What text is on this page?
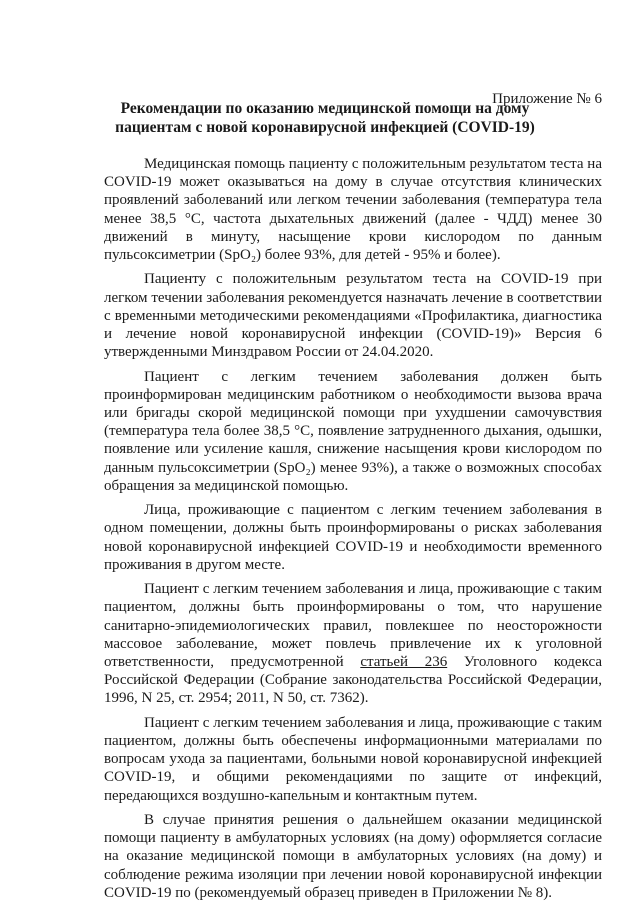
Приложение № 6
Рекомендации по оказанию медицинской помощи на дому пациентам с новой коронавирусной инфекцией (COVID-19)

Медицинская помощь пациенту с положительным результатом теста на COVID-19 может оказываться на дому в случае отсутствия клинических проявлений заболеваний или легком течении заболевания (температура тела менее 38,5 °С, частота дыхательных движений (далее - ЧДД) менее 30 движений в минуту, насыщение крови кислородом по данным пульсоксиметрии (SpO₂) более 93%, для детей - 95% и более).

Пациенту с положительным результатом теста на COVID-19 при легком течении заболевания рекомендуется назначать лечение в соответствии с временными методическими рекомендациями «Профилактика, диагностика и лечение новой коронавирусной инфекции (COVID-19)» Версия 6 утвержденными Минздравом России от 24.04.2020.

Пациент с легким течением заболевания должен быть проинформирован медицинским работником о необходимости вызова врача или бригады скорой медицинской помощи при ухудшении самочувствия (температура тела более 38,5 °С, появление затрудненного дыхания, одышки, появление или усиление кашля, снижение насыщения крови кислородом по данным пульсоксиметрии (SpO₂) менее 93%), а также о возможных способах обращения за медицинской помощью.

Лица, проживающие с пациентом с легким течением заболевания в одном помещении, должны быть проинформированы о рисках заболевания новой коронавирусной инфекцией COVID-19 и необходимости временного проживания в другом месте.

Пациент с легким течением заболевания и лица, проживающие с таким пациентом, должны быть проинформированы о том, что нарушение санитарно-эпидемиологических правил, повлекшее по неосторожности массовое заболевание, может повлечь привлечение их к уголовной ответственности, предусмотренной статьей 236 Уголовного кодекса Российской Федерации (Собрание законодательства Российской Федерации, 1996, N 25, ст. 2954; 2011, N 50, ст. 7362).

Пациент с легким течением заболевания и лица, проживающие с таким пациентом, должны быть обеспечены информационными материалами по вопросам ухода за пациентами, больными новой коронавирусной инфекцией COVID-19, и общими рекомендациями по защите от инфекций, передающихся воздушно-капельным и контактным путем.

В случае принятия решения о дальнейшем оказании медицинской помощи пациенту в амбулаторных условиях (на дому) оформляется согласие на оказание медицинской помощи в амбулаторных условиях (на дому) и соблюдение режима изоляции при лечении новой коронавирусной инфекции COVID-19 по (рекомендуемый образец приведен в Приложении № 8).
